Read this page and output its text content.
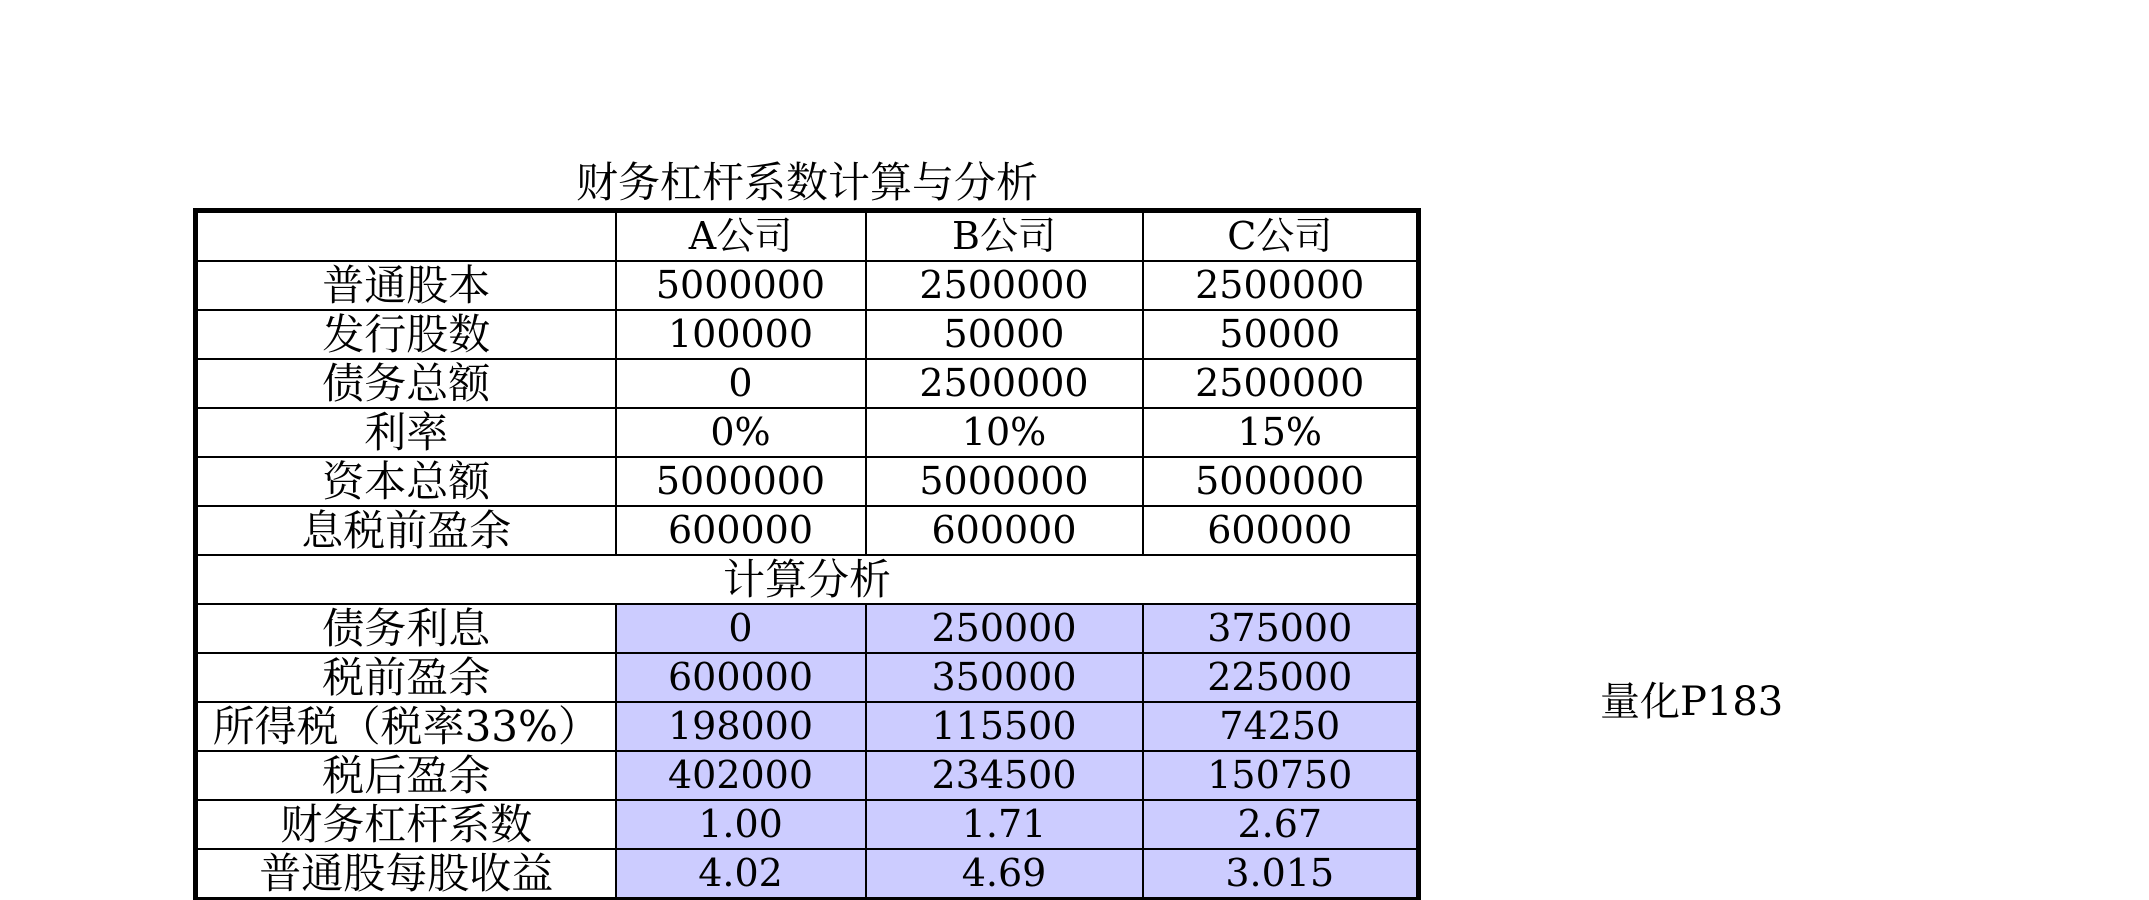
财务杠杆系数计算与分析
	A公司	B公司	C公司
普通股本	5000000	2500000	2500000
发行股数	100000	50000	50000
债务总额	0	2500000	2500000
利率	0%	10%	15%
资本总额	5000000	5000000	5000000
息税前盈余	600000	600000	600000
计算分析			
债务利息	0	250000	375000
税前盈余	600000	350000	225000
所得税（税率33%）	198000	115500	74250
税后盈余	402000	234500	150750
财务杠杆系数	1.00	1.71	2.67
普通股每股收益	4.02	4.69	3.015
量化P183
